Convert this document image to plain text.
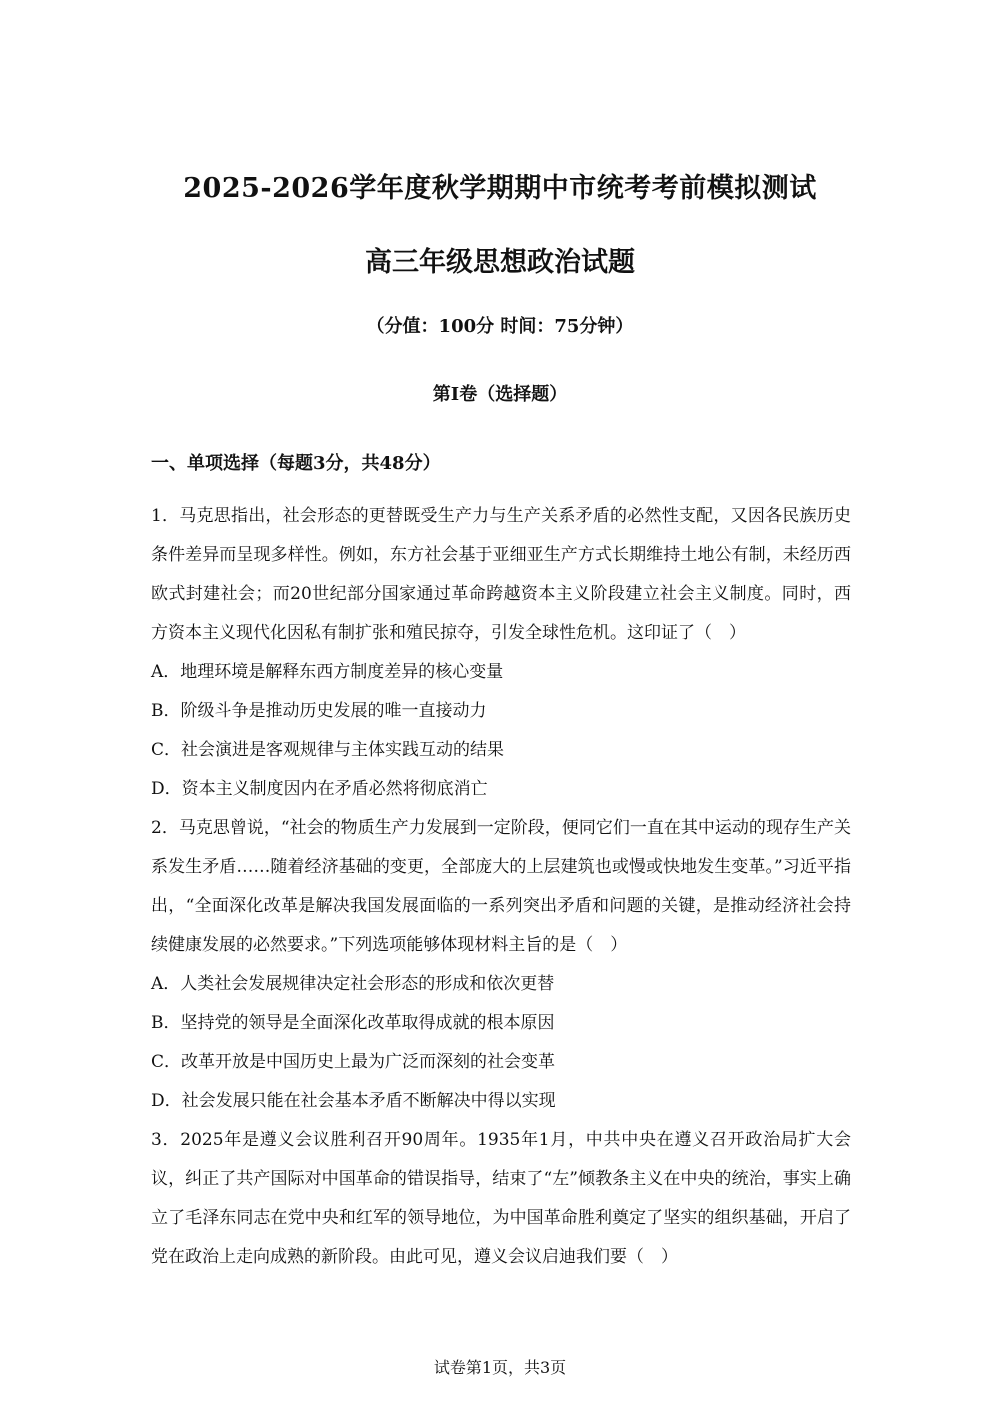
2025-2026学年度秋学期期中市统考考前模拟测试
高三年级思想政治试题
（分值：100分 时间：75分钟）
第I卷（选择题）
一、单项选择（每题3分，共48分）

1．马克思指出，社会形态的更替既受生产力与生产关系矛盾的必然性支配，又因各民族历史条件差异而呈现多样性。例如，东方社会基于亚细亚生产方式长期维持土地公有制，未经历西欧式封建社会；而20世纪部分国家通过革命跨越资本主义阶段建立社会主义制度。同时，西方资本主义现代化因私有制扩张和殖民掠夺，引发全球性危机。这印证了（　）

A．地理环境是解释东西方制度差异的核心变量

B．阶级斗争是推动历史发展的唯一直接动力

C．社会演进是客观规律与主体实践互动的结果

D．资本主义制度因内在矛盾必然将彻底消亡

2．马克思曾说，“社会的物质生产力发展到一定阶段，便同它们一直在其中运动的现存生产关系发生矛盾……随着经济基础的变更，全部庞大的上层建筑也或慢或快地发生变革。”习近平指出，“全面深化改革是解决我国发展面临的一系列突出矛盾和问题的关键，是推动经济社会持续健康发展的必然要求。”下列选项能够体现材料主旨的是（　）

A．人类社会发展规律决定社会形态的形成和依次更替

B．坚持党的领导是全面深化改革取得成就的根本原因

C．改革开放是中国历史上最为广泛而深刻的社会变革

D．社会发展只能在社会基本矛盾不断解决中得以实现

3．2025年是遵义会议胜利召开90周年。1935年1月，中共中央在遵义召开政治局扩大会议，纠正了共产国际对中国革命的错误指导，结束了“左”倾教条主义在中央的统治，事实上确立了毛泽东同志在党中央和红军的领导地位，为中国革命胜利奠定了坚实的组织基础，开启了党在政治上走向成熟的新阶段。由此可见，遵义会议启迪我们要（　）

试卷第1页，共3页
